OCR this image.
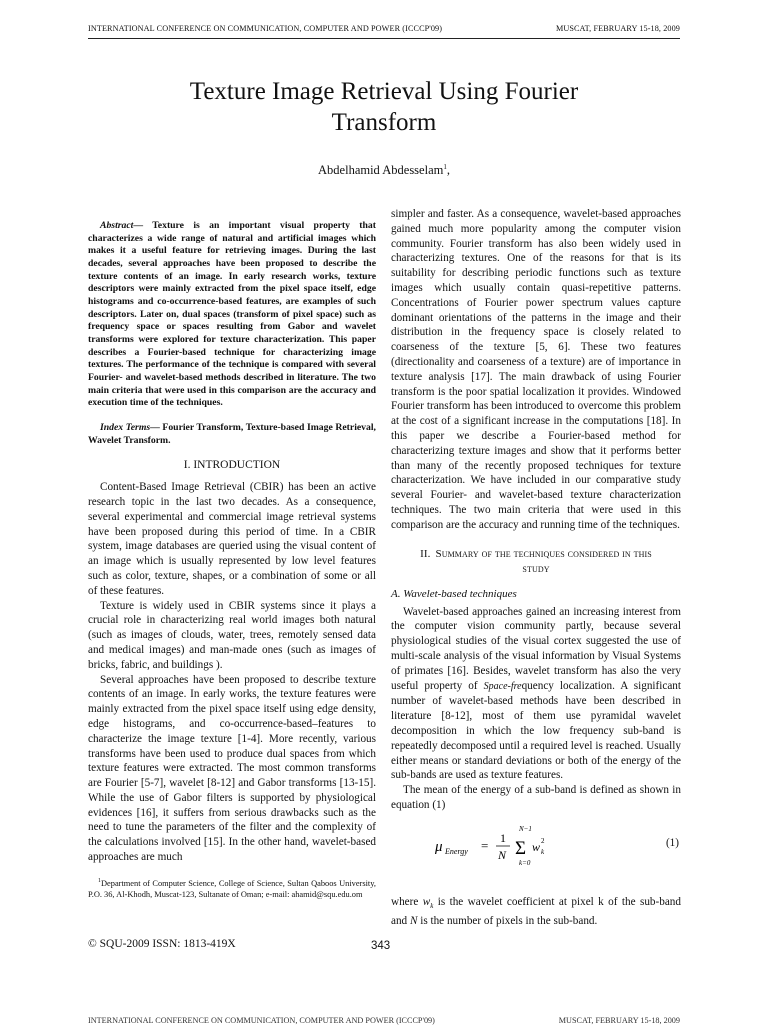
INTERNATIONAL CONFERENCE ON COMMUNICATION, COMPUTER AND POWER (ICCCP'09)	MUSCAT, FEBRUARY 15-18, 2009
Texture Image Retrieval Using Fourier
Transform
Abdelhamid Abdesselam$^1$,

Abstract— Texture is an important visual property that characterizes a wide range of natural and artificial images which makes it a useful feature for retrieving images. During the last decades, several approaches have been proposed to describe the texture contents of an image. In early research works, texture descriptors were mainly extracted from the pixel space itself, edge histograms and co-occurrence-based features, are examples of such descriptors. Later on, dual spaces (transform of pixel space) such as frequency space or spaces resulting from Gabor and wavelet transforms were explored for texture characterization. This paper describes a Fourier-based technique for characterizing image textures. The performance of the technique is compared with several Fourier- and wavelet-based methods described in literature. The two main criteria that were used in this comparison are the accuracy and execution time of the techniques.

Index Terms— Fourier Transform, Texture-based Image Retrieval, Wavelet Transform.

I. INTRODUCTION

Content-Based Image Retrieval (CBIR) has been an active research topic in the last two decades. As a consequence, several experimental and commercial image retrieval systems have been proposed during this period of time. In a CBIR system, image databases are queried using the visual content of an image which is usually represented by low level features such as color, texture, shapes, or a combination of some or all of these features.

Texture is widely used in CBIR systems since it plays a crucial role in characterizing real world images both natural (such as images of clouds, water, trees, remotely sensed data and medical images) and man-made ones (such as images of bricks, fabric, and buildings ).

Several approaches have been proposed to describe texture contents of an image. In early works, the texture features were mainly extracted from the pixel space itself using edge density, edge histograms, and co-occurrence-based–features to characterize the image texture [1-4]. More recently, various transforms have been used to produce dual spaces from which texture features were extracted. The most common transforms are Fourier [5-7], wavelet [8-12] and Gabor transforms [13-15]. While the use of Gabor filters is supported by physiological evidences [16], it suffers from serious drawbacks such as the need to tune the parameters of the filter and the complexity of the calculations involved [15]. In the other hand, wavelet-based approaches are much

simpler and faster. As a consequence, wavelet-based approaches gained much more popularity among the computer vision community. Fourier transform has also been widely used in characterizing textures. One of the reasons for that is its suitability for describing periodic functions such as texture images which usually contain quasi-repetitive patterns. Concentrations of Fourier power spectrum values capture dominant orientations of the patterns in the image and their distribution in the frequency space is closely related to coarseness of the texture [5, 6]. These two features (directionality and coarseness of a texture) are of importance in texture analysis [17]. The main drawback of using Fourier transform is the poor spatial localization it provides. Windowed Fourier transform has been introduced to overcome this problem at the cost of a significant increase in the computations [18]. In this paper we describe a Fourier-based method for characterizing texture images and show that it performs better than many of the recently proposed techniques for texture characterization. We have included in our comparative study several Fourier- and wavelet-based texture characterization techniques. The two main criteria that were used in this comparison are the accuracy and running time of the techniques.

II. Summary of the techniques considered in this

study

A. Wavelet-based techniques

Wavelet-based approaches gained an increasing interest from the computer vision community partly, because several physiological studies of the visual cortex suggested the use of multi-scale analysis of the visual information by Visual Systems of primates [16]. Besides, wavelet transform has also the very useful property of Space-frequency localization. A significant number of wavelet-based methods have been described in literature [8-12], most of them use pyramidal wavelet decomposition in which the low frequency sub-band is repeatedly decomposed until a required level is reached. Usually either means or standard deviations or both of the energy of the sub-bands are used as texture features.

The mean of the energy of a sub-band is defined as shown in equation (1)

μ Energy = 1
N
N−1
Σ
k=0
w k
2	(1)

where $w_k$ is the wavelet coefficient at pixel k of the sub-band and N is the number of pixels in the sub-band.

$^1$Department of Computer Science, College of Science, Sultan Qaboos University, P.O. 36, Al-Khodh, Muscat-123, Sultanate of Oman; e-mail: ahamid@squ.edu.om
© SQU-2009 ISSN: 1813-419X	343
INTERNATIONAL CONFERENCE ON COMMUNICATION, COMPUTER AND POWER (ICCCP'09)	MUSCAT, FEBRUARY 15-18, 2009
